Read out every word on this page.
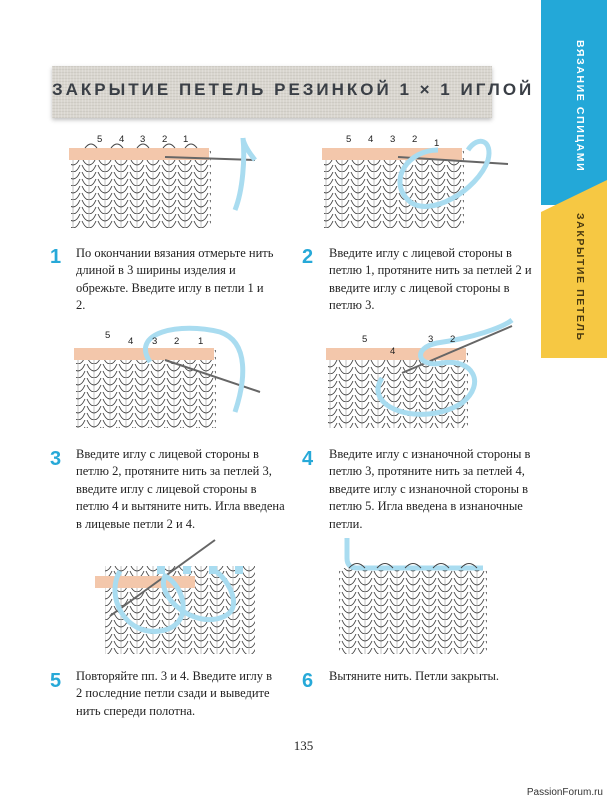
ЗАКРЫТИЕ ПЕТЕЛЬ РЕЗИНКОЙ 1 × 1 ИГЛОЙ	ВЯЗАНИЕ СПИЦАМИ
ЗАКРЫТИЕ ПЕТЕЛЬ
5 4 3 2 1
1 По окончании вязания отмерьте нить длиной в 3 ширины изделия и обрежьте. Введите иглу в петли 1 и 2.
5 4 3 2 1
2 Введите иглу с лицевой стороны в петлю 1, протяните нить за петлей 2 и введите иглу с лицевой стороны в петлю 3.
5
4 3 2 1
3 Введите иглу с лицевой стороны в петлю 2, протяните нить за петлей 3, введите иглу с лицевой стороны в петлю 4 и вытяните нить. Игла введена в лицевые петли 2 и 4.
5
4
3 2
4 Введите иглу с изнаночной стороны в петлю 3, протяните нить за петлей 4, введите иглу с изнаночной стороны в петлю 5. Игла введена в изнаночные петли.
5 Повторяйте пп. 3 и 4. Введите иглу в 2 последние петли сзади и выведите нить спереди полотна.
6 Вытяните нить. Петли закрыты.
135
PassionForum.ru
